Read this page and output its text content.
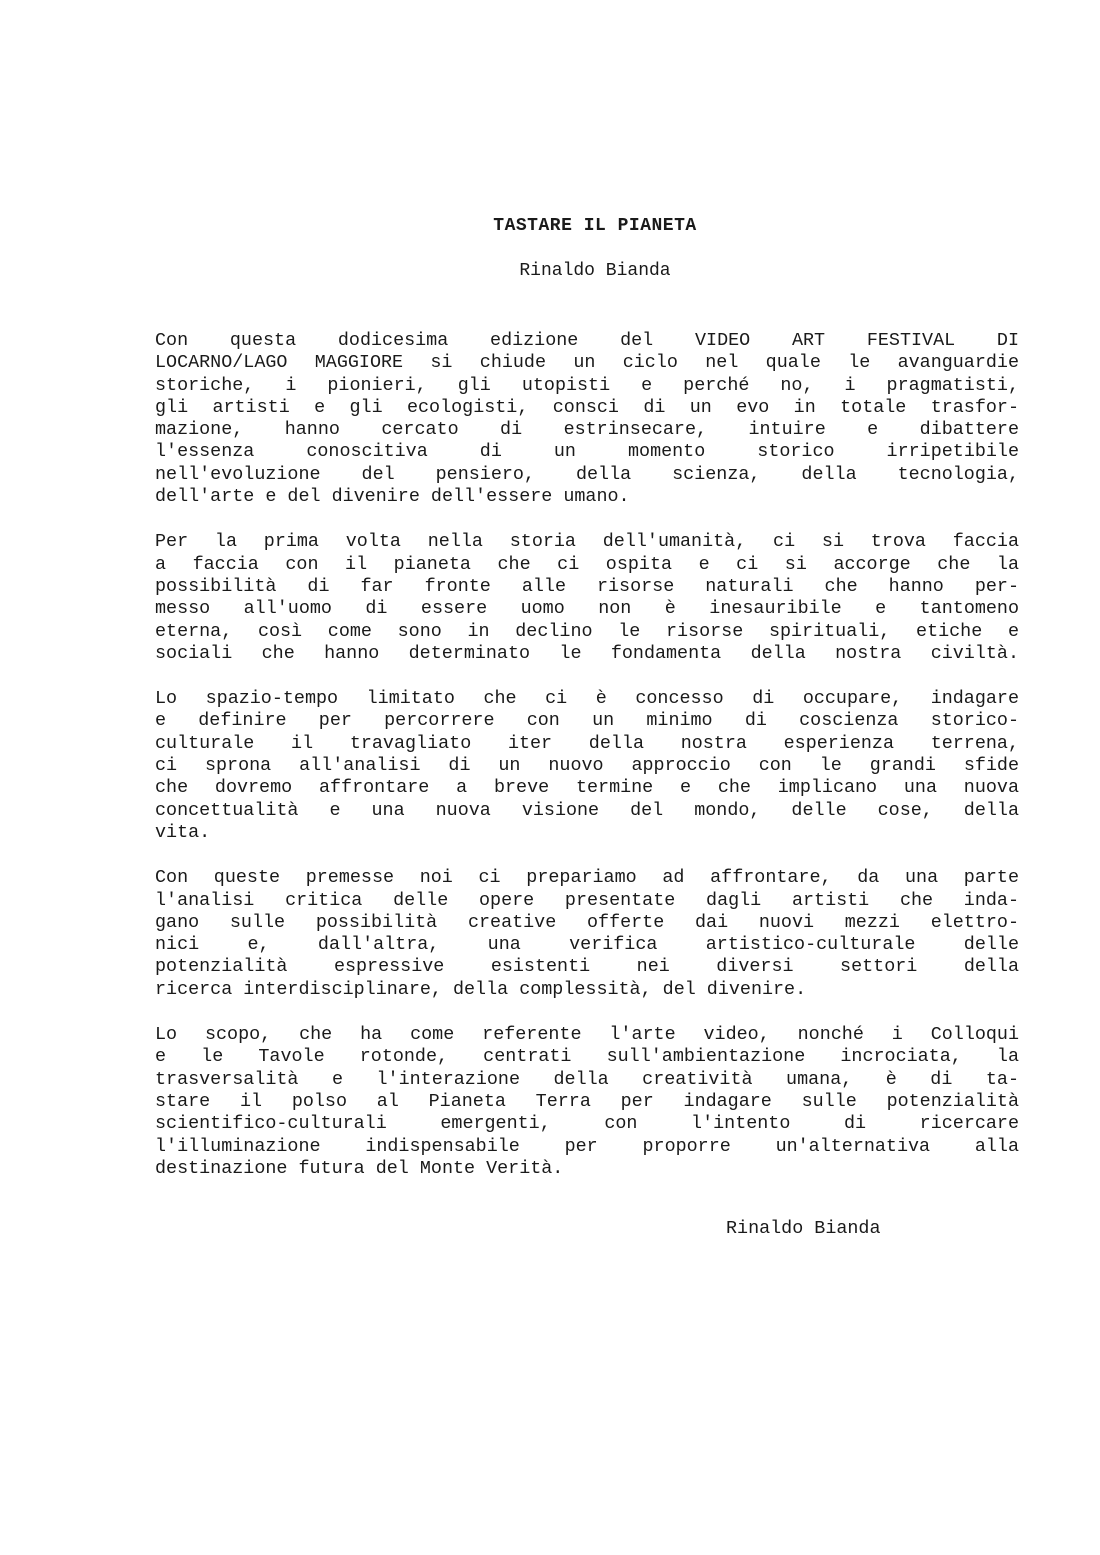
TASTARE IL PIANETA

Rinaldo Bianda

Con questa dodicesima edizione del VIDEO ART FESTIVAL DI
LOCARNO/LAGO MAGGIORE si chiude un ciclo nel quale le avanguardie
storiche, i pionieri, gli utopisti e perché no, i pragmatisti,
gli artisti e gli ecologisti, consci di un evo in totale trasfor-
mazione, hanno cercato di estrinsecare, intuire e dibattere
l'essenza conoscitiva di un momento storico irripetibile
nell'evoluzione del pensiero, della scienza, della tecnologia,
dell'arte e del divenire dell'essere umano.

Per la prima volta nella storia dell'umanità, ci si trova faccia
a faccia con il pianeta che ci ospita e ci si accorge che la
possibilità di far fronte alle risorse naturali che hanno per-
messo all'uomo di essere uomo non è inesauribile e tantomeno
eterna, così come sono in declino le risorse spirituali, etiche e
sociali che hanno determinato le fondamenta della nostra civiltà.

Lo spazio-tempo limitato che ci è concesso di occupare, indagare
e definire per percorrere con un minimo di coscienza storico-
culturale il travagliato iter della nostra esperienza terrena,
ci sprona all'analisi di un nuovo approccio con le grandi sfide
che dovremo affrontare a breve termine e che implicano una nuova
concettualità e una nuova visione del mondo, delle cose, della
vita.

Con queste premesse noi ci prepariamo ad affrontare, da una parte
l'analisi critica delle opere presentate dagli artisti che inda-
gano sulle possibilità creative offerte dai nuovi mezzi elettro-
nici e, dall'altra, una verifica artistico-culturale delle
potenzialità espressive esistenti nei diversi settori della
ricerca interdisciplinare, della complessità, del divenire.

Lo scopo, che ha come referente l'arte video, nonché i Colloqui
e le Tavole rotonde, centrati sull'ambientazione incrociata, la
trasversalità e l'interazione della creatività umana, è di ta-
stare il polso al Pianeta Terra per indagare sulle potenzialità
scientifico-culturali emergenti, con l'intento di ricercare
l'illuminazione indispensabile per proporre un'alternativa alla
destinazione futura del Monte Verità.

Rinaldo Bianda
